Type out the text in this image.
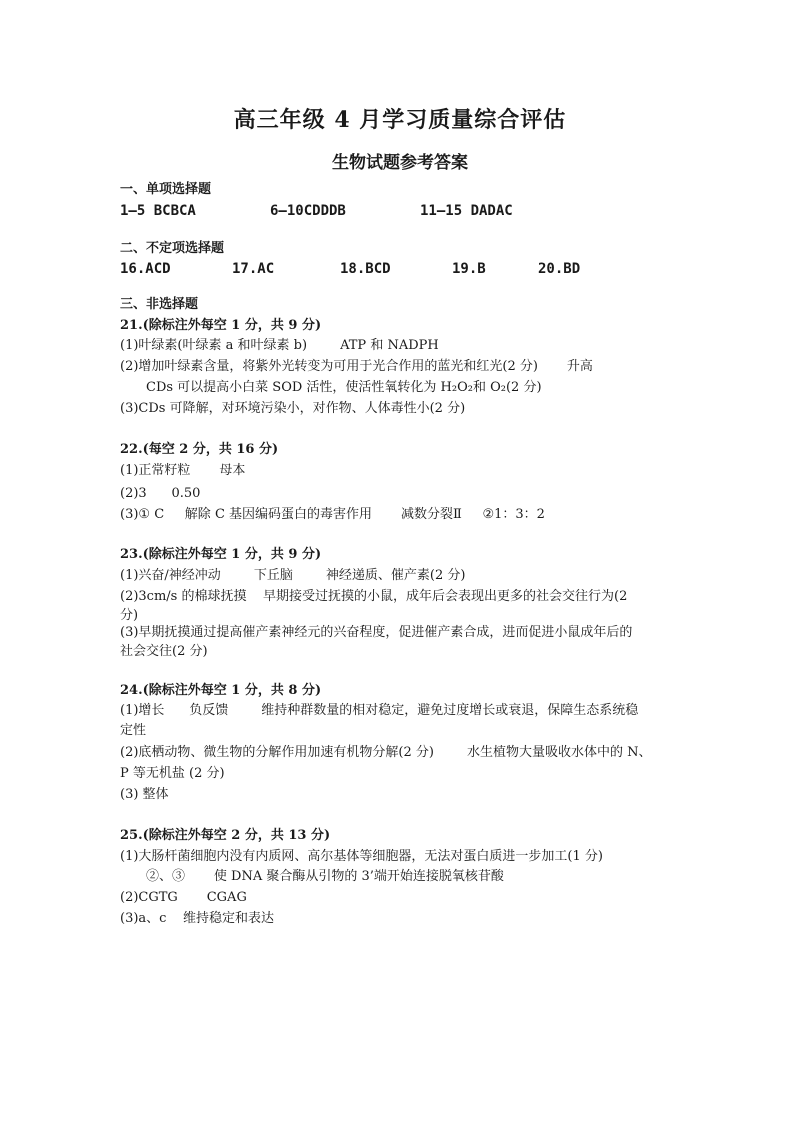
高三年级 4 月学习质量综合评估
生物试题参考答案
一、单项选择题
1—5 BCBCA	6—10CDDDB	11—15 DADAC
二、不定项选择题
16.ACD	17.AC	18.BCD	19.B	20.BD
三、非选择题
21.(除标注外每空 1 分，共 9 分)
(1)叶绿素(叶绿素 a 和叶绿素 b)        ATP 和 NADPH
(2)增加叶绿素含量，将紫外光转变为可用于光合作用的蓝光和红光(2 分)       升高
CDs 可以提高小白菜 SOD 活性，使活性氧转化为 H₂O₂和 O₂(2 分)
(3)CDs 可降解，对环境污染小，对作物、人体毒性小(2 分)
22.(每空 2 分，共 16 分)
(1)正常籽粒       母本
(2)3      0.50
(3)① C     解除 C 基因编码蛋白的毒害作用       减数分裂Ⅱ     ②1：3：2
23.(除标注外每空 1 分，共 9 分)
(1)兴奋/神经冲动        下丘脑        神经递质、催产素(2 分)
(2)3cm/s 的棉球抚摸    早期接受过抚摸的小鼠，成年后会表现出更多的社会交往行为(2
分)
(3)早期抚摸通过提高催产素神经元的兴奋程度，促进催产素合成，进而促进小鼠成年后的
社会交往(2 分)
24.(除标注外每空 1 分，共 8 分)
(1)增长      负反馈        维持种群数量的相对稳定，避免过度增长或衰退，保障生态系统稳
定性
(2)底栖动物、微生物的分解作用加速有机物分解(2 分)        水生植物大量吸收水体中的 N、
P 等无机盐 (2 分)
(3) 整体
25.(除标注外每空 2 分，共 13 分)
(1)大肠杆菌细胞内没有内质网、高尔基体等细胞器，无法对蛋白质进一步加工(1 分)
②、③       使 DNA 聚合酶从引物的 3’端开始连接脱氧核苷酸
(2)CGTG       CGAG
(3)a、c    维持稳定和表达
